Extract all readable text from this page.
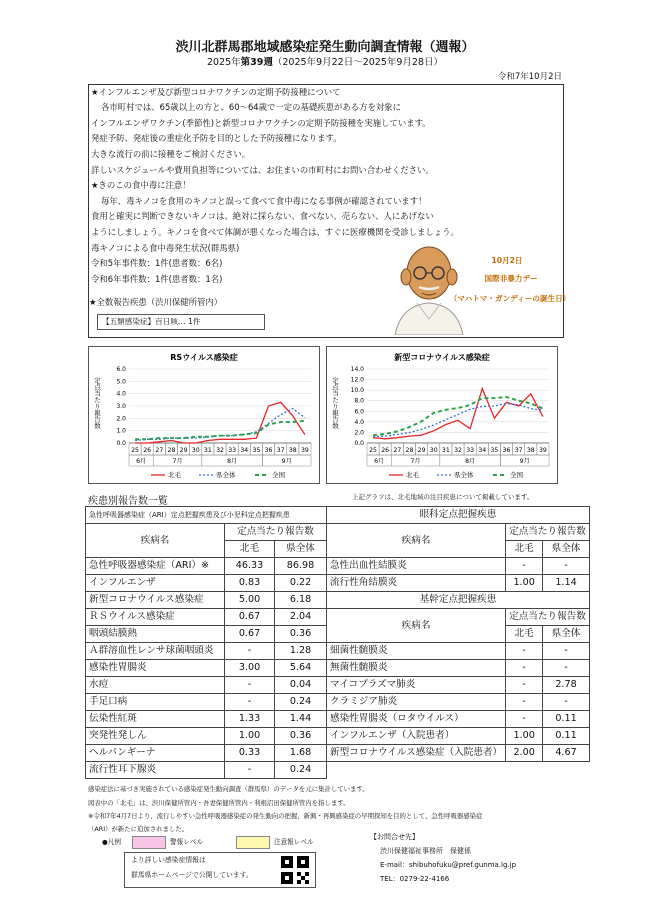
渋川北群馬郡地域感染症発生動向調査情報（週報）
2025年第39週（2025年9月22日～2025年9月28日）
令和7年10月2日
★インフルエンザ及び新型コロナワクチンの定期予防接種について
各市町村では、65歳以上の方と、60～64歳で一定の基礎疾患がある方を対象に
インフルエンザワクチン(季節性)と新型コロナワクチンの定期予防接種を実施しています。
発症予防、発症後の重症化予防を目的とした予防接種になります。
大きな流行の前に接種をご検討ください。
詳しいスケジュールや費用負担等については、お住まいの市町村にお問い合わせください。
★きのこの食中毒に注意！
毎年、毒キノコを食用のキノコと誤って食べて食中毒になる事例が確認されています！
食用と確実に判断できないキノコは、絶対に採らない、食べない、売らない、人にあげない
ようにしましょう。キノコを食べて体調が悪くなった場合は、すぐに医療機関を受診しましょう。
毒キノコによる食中毒発生状況(群馬県)
令和5年事件数：1件(患者数：6名)
令和6年事件数：1件(患者数：1名)
★全数報告疾患（渋川保健所管内）
【五類感染症】百日咳… 1件
10月2日
国際非暴力デー
（マハトマ・ガンディーの誕生日）
RSウイルス感染症
定点当たり報告数
0.0
1.0
2.0
3.0
4.0
5.0
6.0
25 26 27 28 29 30 31 32 33 34 35 36 37 38 39
6月	7月	8月	9月
北毛	県全体	全国
新型コロナウイルス感染症
定点当たり報告数
0.0
2.0
4.0
6.0
8.0
10.0
12.0
14.0
25 26 27 28 29 30 31 32 33 34 35 36 37 38 39
6月	7月	8月	9月
北毛	県全体	全国
疾患別報告数一覧	上記グラフは、北毛地域の注目疾患について掲載しています。
急性呼吸器感染症（ARI）定点把握疾患及び小児科定点把握疾患		
疾病名	定点当たり報告数	
	北毛	県全体
急性呼吸器感染症（ARI）※	46.33	86.98
インフルエンザ	0.83	0.22
新型コロナウイルス感染症	5.00	6.18
ＲＳウイルス感染症	0.67	2.04
咽頭結膜熱	0.67	0.36
Ａ群溶血性レンサ球菌咽頭炎	-	1.28
感染性胃腸炎	3.00	5.64
水痘	-	0.04
手足口病	-	0.24
伝染性紅斑	1.33	1.44
突発性発しん	1.00	0.36
ヘルパンギーナ	0.33	1.68
流行性耳下腺炎	-	0.24
眼科定点把握疾患		
疾病名	定点当たり報告数	
	北毛	県全体
急性出血性結膜炎	-	-
流行性角結膜炎	1.00	1.14
基幹定点把握疾患		
疾病名	定点当たり報告数	
	北毛	県全体
細菌性髄膜炎	-	-
無菌性髄膜炎	-	-
マイコプラズマ肺炎	-	2.78
クラミジア肺炎	-	-
感染性胃腸炎（ロタウイルス）	-	0.11
インフルエンザ（入院患者）	1.00	0.11
新型コロナウイルス感染症（入院患者）	2.00	4.67
感染症法に基づき実施されている感染症発生動向調査（群馬県）のデータを元に集計しています。
図表中の「北毛」は、渋川保健所管内・吾妻保健所管内・利根沼田保健所管内を指します。
※令和7年4月7日より、流行しやすい急性呼吸器感染症の発生動向の把握、新興・再興感染症の早期探知を目的として、急性呼吸器感染症
（ARI）が新たに追加されました。
●凡例	警報レベル	注意報レベル
より詳しい感染症情報は
群馬県ホームページで公開しています。
【お問合せ先】
渋川保健福祉事務所　保健係
E-mail：shibuhofuku@pref.gunma.lg.jp
TEL：0279-22-4166
